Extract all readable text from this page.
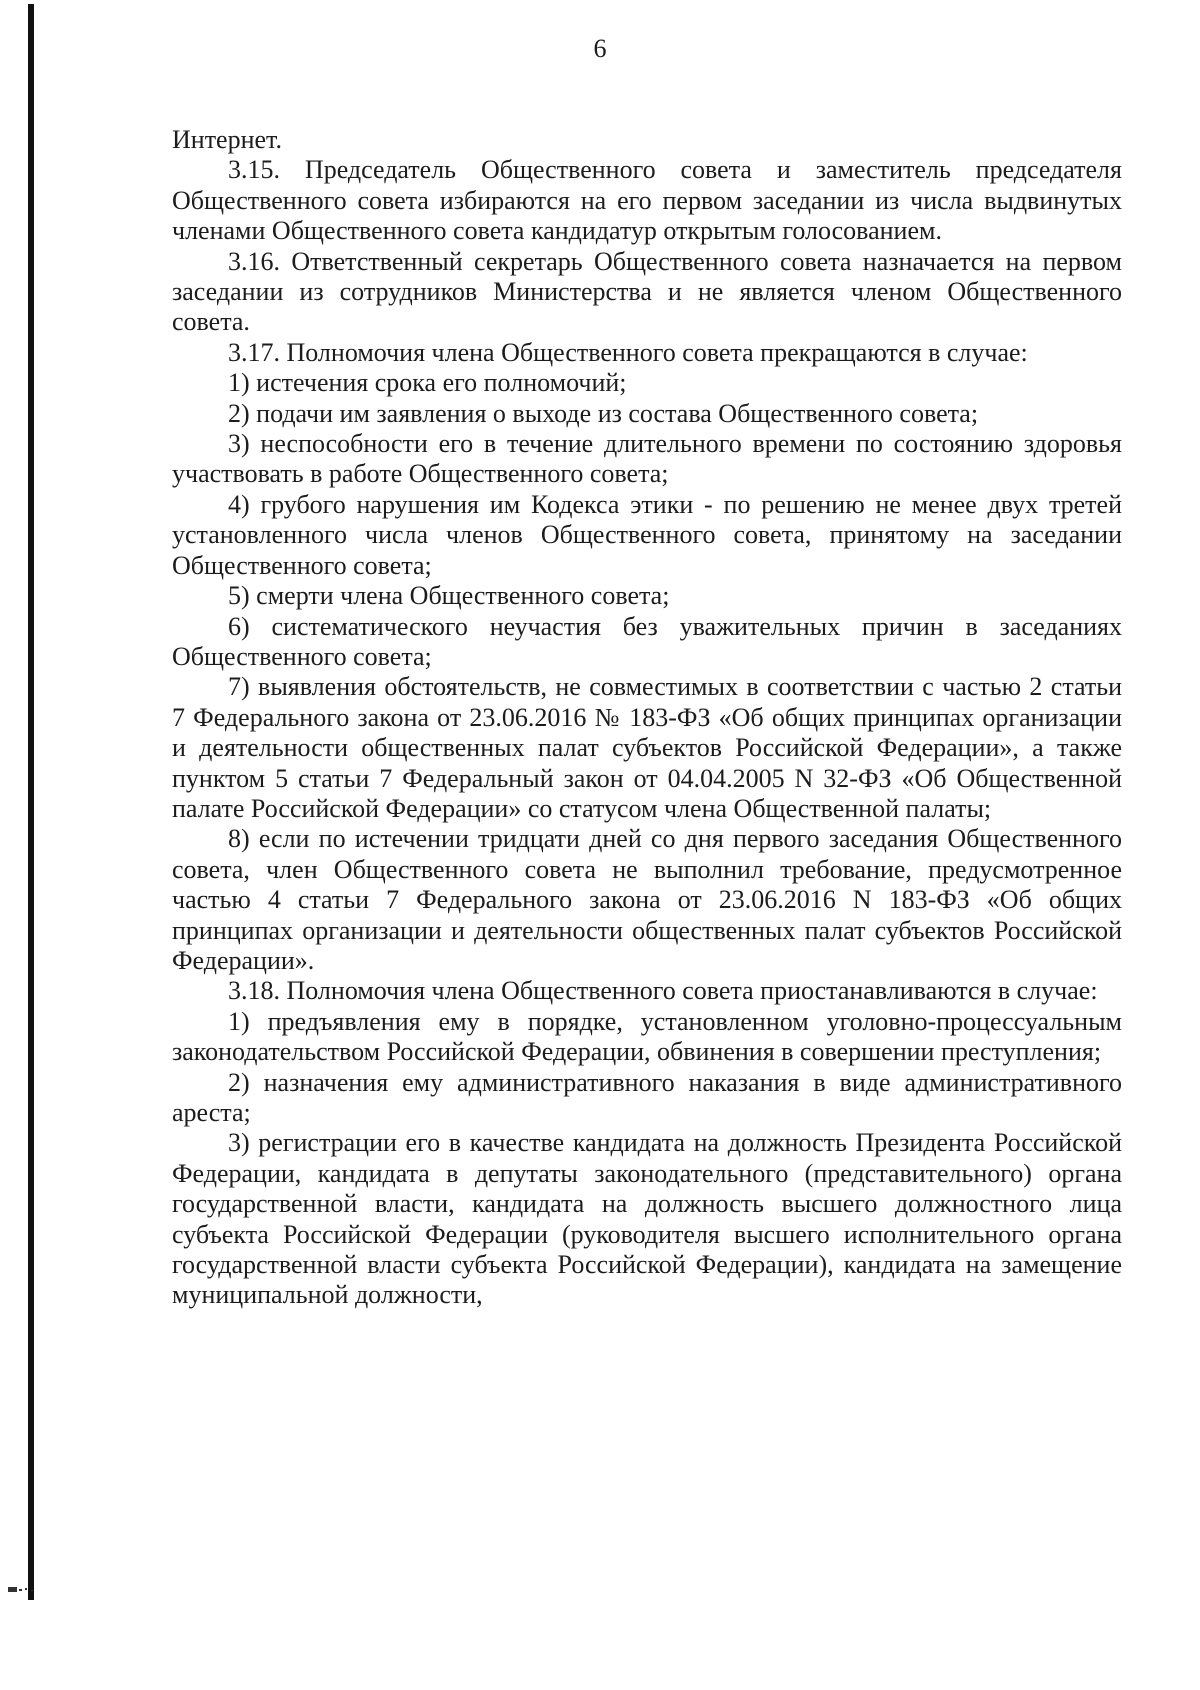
6

Интернет.

3.15. Председатель Общественного совета и заместитель председателя Общественного совета избираются на его первом заседании из числа выдвинутых членами Общественного совета кандидатур открытым голосованием.

3.16. Ответственный секретарь Общественного совета назначается на первом заседании из сотрудников Министерства и не является членом Общественного совета.

3.17. Полномочия члена Общественного совета прекращаются в случае:

1) истечения срока его полномочий;

2) подачи им заявления о выходе из состава Общественного совета;

3) неспособности его в течение длительного времени по состоянию здоровья участвовать в работе Общественного совета;

4) грубого нарушения им Кодекса этики - по решению не менее двух третей установленного числа членов Общественного совета, принятому на заседании Общественного совета;

5) смерти члена Общественного совета;

6) систематического неучастия без уважительных причин в заседаниях Общественного совета;

7) выявления обстоятельств, не совместимых в соответствии с частью 2 статьи 7 Федерального закона от 23.06.2016 № 183-ФЗ «Об общих принципах организации и деятельности общественных палат субъектов Российской Федерации», а также пунктом 5 статьи 7 Федеральный закон от 04.04.2005 N 32-ФЗ «Об Общественной палате Российской Федерации» со статусом члена Общественной палаты;

8) если по истечении тридцати дней со дня первого заседания Общественного совета, член Общественного совета не выполнил требование, предусмотренное частью 4 статьи 7 Федерального закона от 23.06.2016 N 183-ФЗ «Об общих принципах организации и деятельности общественных палат субъектов Российской Федерации».

3.18. Полномочия члена Общественного совета приостанавливаются в случае:

1) предъявления ему в порядке, установленном уголовно-процессуальным законодательством Российской Федерации, обвинения в совершении преступления;

2) назначения ему административного наказания в виде административного ареста;

3) регистрации его в качестве кандидата на должность Президента Российской Федерации, кандидата в депутаты законодательного (представительного) органа государственной власти, кандидата на должность высшего должностного лица субъекта Российской Федерации (руководителя высшего исполнительного органа государственной власти субъекта Российской Федерации), кандидата на замещение муниципальной должности,
